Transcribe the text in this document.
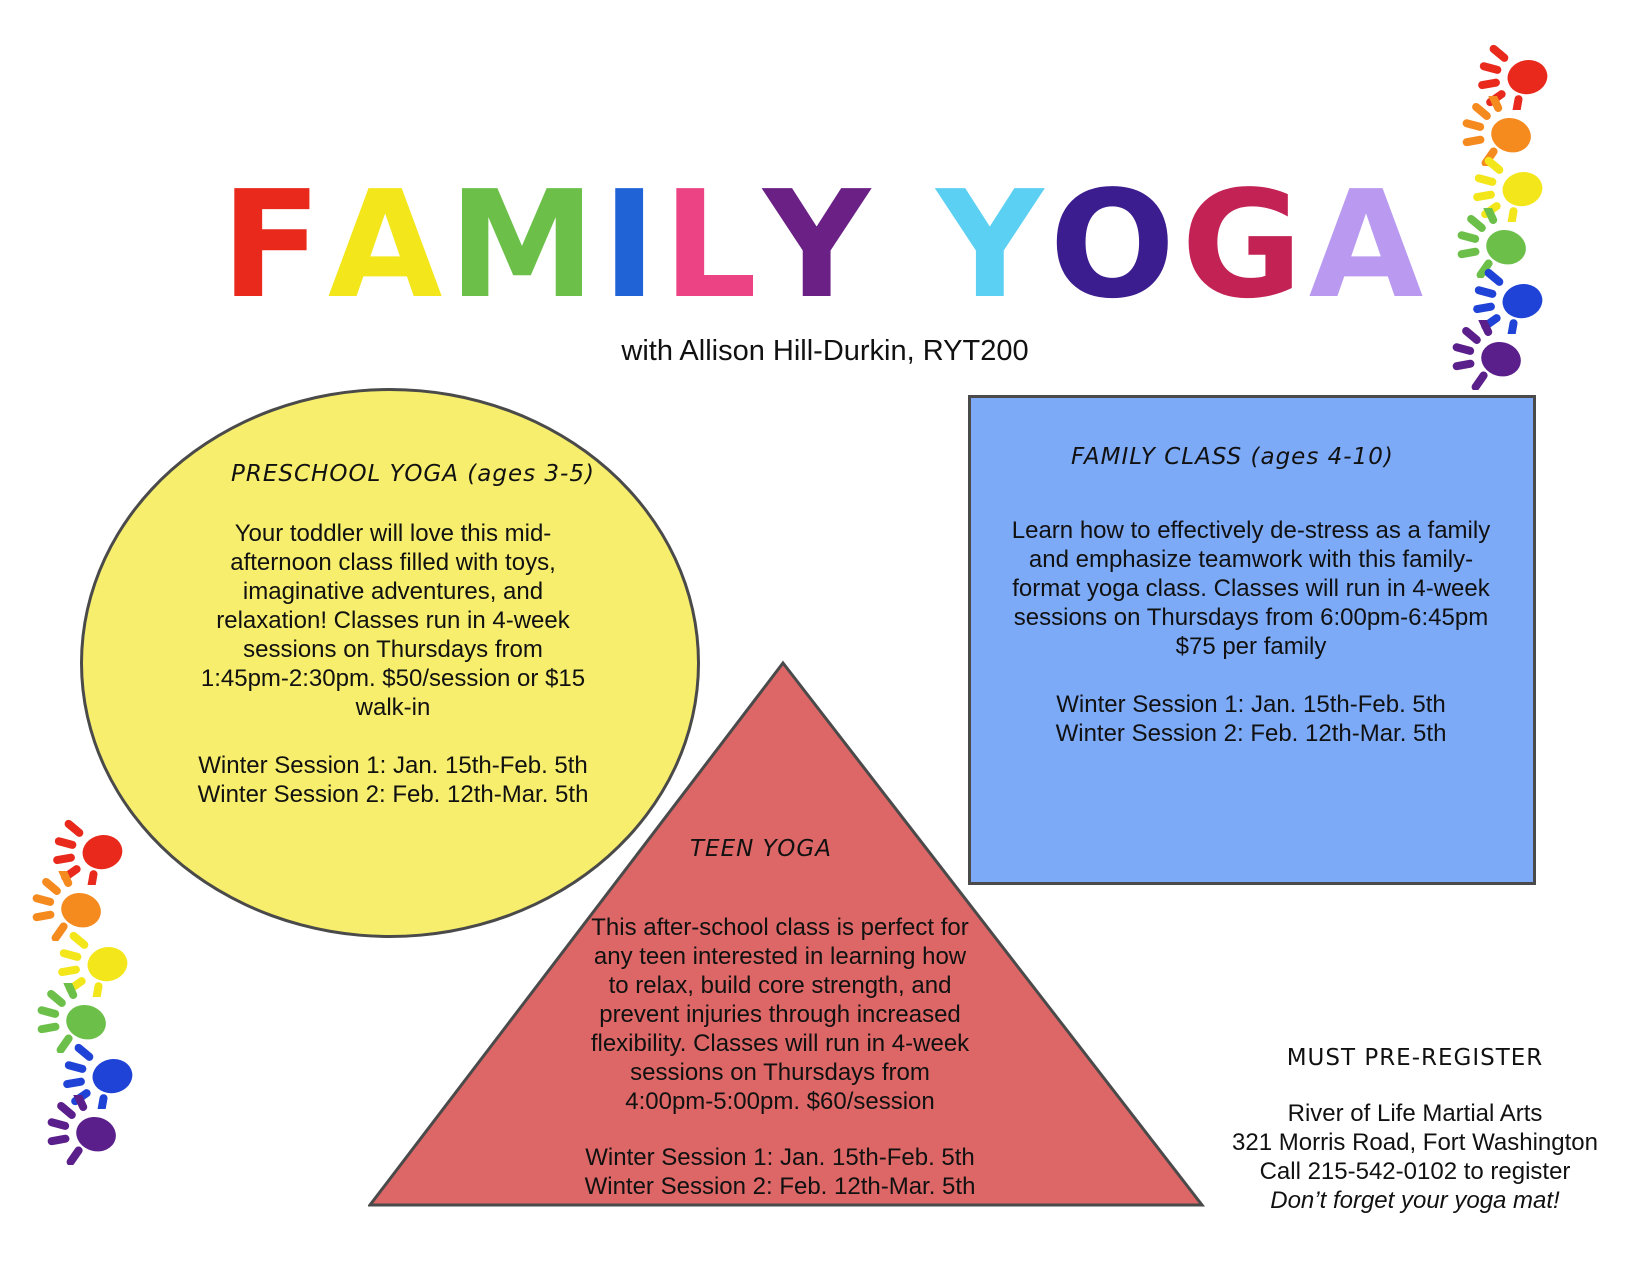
FAMILY YOGA
with Allison Hill-Durkin, RYT200
PRESCHOOL YOGA (ages 3-5)
Your toddler will love this mid-
afternoon class filled with toys,
imaginative adventures, and
relaxation! Classes run in 4-week
sessions on Thursdays from
1:45pm-2:30pm. $50/session or $15
walk-in
Winter Session 1: Jan. 15th-Feb. 5th
Winter Session 2: Feb. 12th-Mar. 5th
FAMILY CLASS (ages 4-10)
Learn how to effectively de-stress as a family
and emphasize teamwork with this family-
format yoga class. Classes will run in 4-week
sessions on Thursdays from 6:00pm-6:45pm
$75 per family
Winter Session 1: Jan. 15th-Feb. 5th
Winter Session 2: Feb. 12th-Mar. 5th
TEEN YOGA
This after-school class is perfect for
any teen interested in learning how
to relax, build core strength, and
prevent injuries through increased
flexibility. Classes will run in 4-week
sessions on Thursdays from
4:00pm-5:00pm. $60/session
Winter Session 1: Jan. 15th-Feb. 5th
Winter Session 2: Feb. 12th-Mar. 5th
MUST PRE-REGISTER
River of Life Martial Arts
321 Morris Road, Fort Washington
Call 215-542-0102 to register
Don’t forget your yoga mat!
